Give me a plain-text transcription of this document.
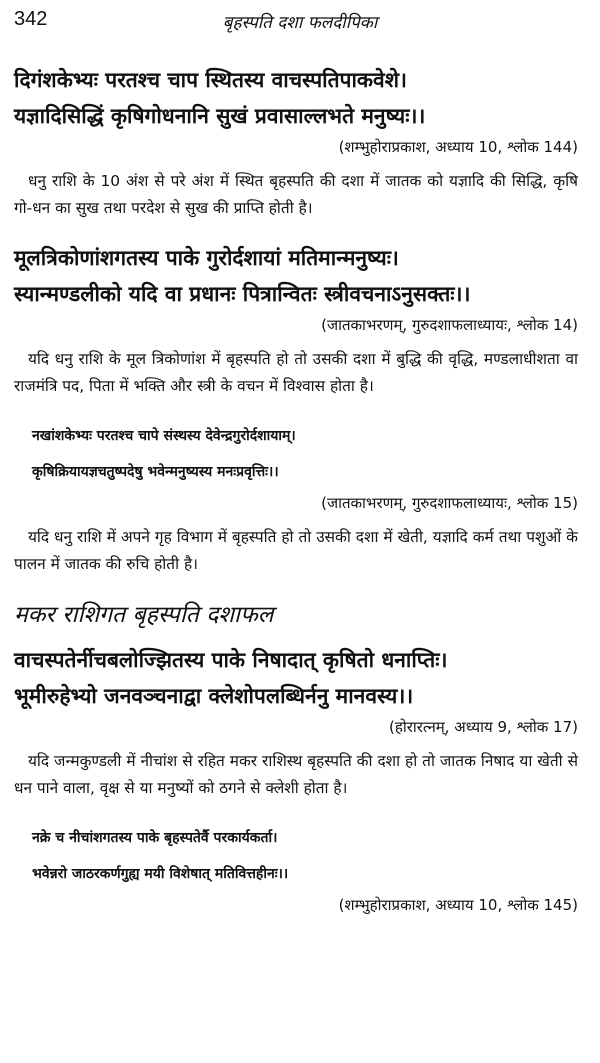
342	बृहस्पति दशा फलदीपिका
दिगंशकेभ्यः परतश्च चाप स्थितस्य वाचस्पतिपाकवेशे।
यज्ञादिसिद्धिं कृषिगोधनानि सुखं प्रवासाल्लभते मनुष्यः।।
(शम्भुहोराप्रकाश, अध्याय 10, श्लोक 144)

धनु राशि के 10 अंश से परे अंश में स्थित बृहस्पति की दशा में जातक को यज्ञादि की सिद्धि, कृषि गो-धन का सुख तथा परदेश से सुख की प्राप्ति होती है।

मूलत्रिकोणांशगतस्य पाके गुरोर्दशायां मतिमान्मनुष्यः।
स्यान्मण्डलीको यदि वा प्रधानः पित्रान्वितः स्त्रीवचनाऽनुसक्तः।।
(जातकाभरणम्, गुरुदशाफलाध्यायः, श्लोक 14)

यदि धनु राशि के मूल त्रिकोणांश में बृहस्पति हो तो उसकी दशा में बुद्धि की वृद्धि, मण्डलाधीशता वा राजमंत्रि पद, पिता में भक्ति और स्त्री के वचन में विश्वास होता है।

नखांशकेभ्यः परतश्च चापे संस्थस्य देवेन्द्रगुरोर्दशायाम्।
कृषिक्रियायज्ञचतुष्पदेषु भवेन्मनुष्यस्य मनःप्रवृत्तिः।।
(जातकाभरणम्, गुरुदशाफलाध्यायः, श्लोक 15)

यदि धनु राशि में अपने गृह विभाग में बृहस्पति हो तो उसकी दशा में खेती, यज्ञादि कर्म तथा पशुओं के पालन में जातक की रुचि होती है।

मकर राशिगत बृहस्पति दशाफल
वाचस्पतेर्नीचबलोज्झितस्य पाके निषादात् कृषितो धनाप्तिः।
भूमीरुहेभ्यो जनवञ्चनाद्वा क्लेशोपलब्धिर्ननु मानवस्य।।
(होरारत्नम्, अध्याय 9, श्लोक 17)

यदि जन्मकुण्डली में नीचांश से रहित मकर राशिस्थ बृहस्पति की दशा हो तो जातक निषाद या खेती से धन पाने वाला, वृक्ष से या मनुष्यों को ठगने से क्लेशी होता है।

नक्रे च नीचांशगतस्य पाके बृहस्पतेर्वै परकार्यकर्ता।
भवेन्नरो जाठरकर्णगुह्य मयी विशेषात् मतिवित्तहीनः।।
(शम्भुहोराप्रकाश, अध्याय 10, श्लोक 145)
